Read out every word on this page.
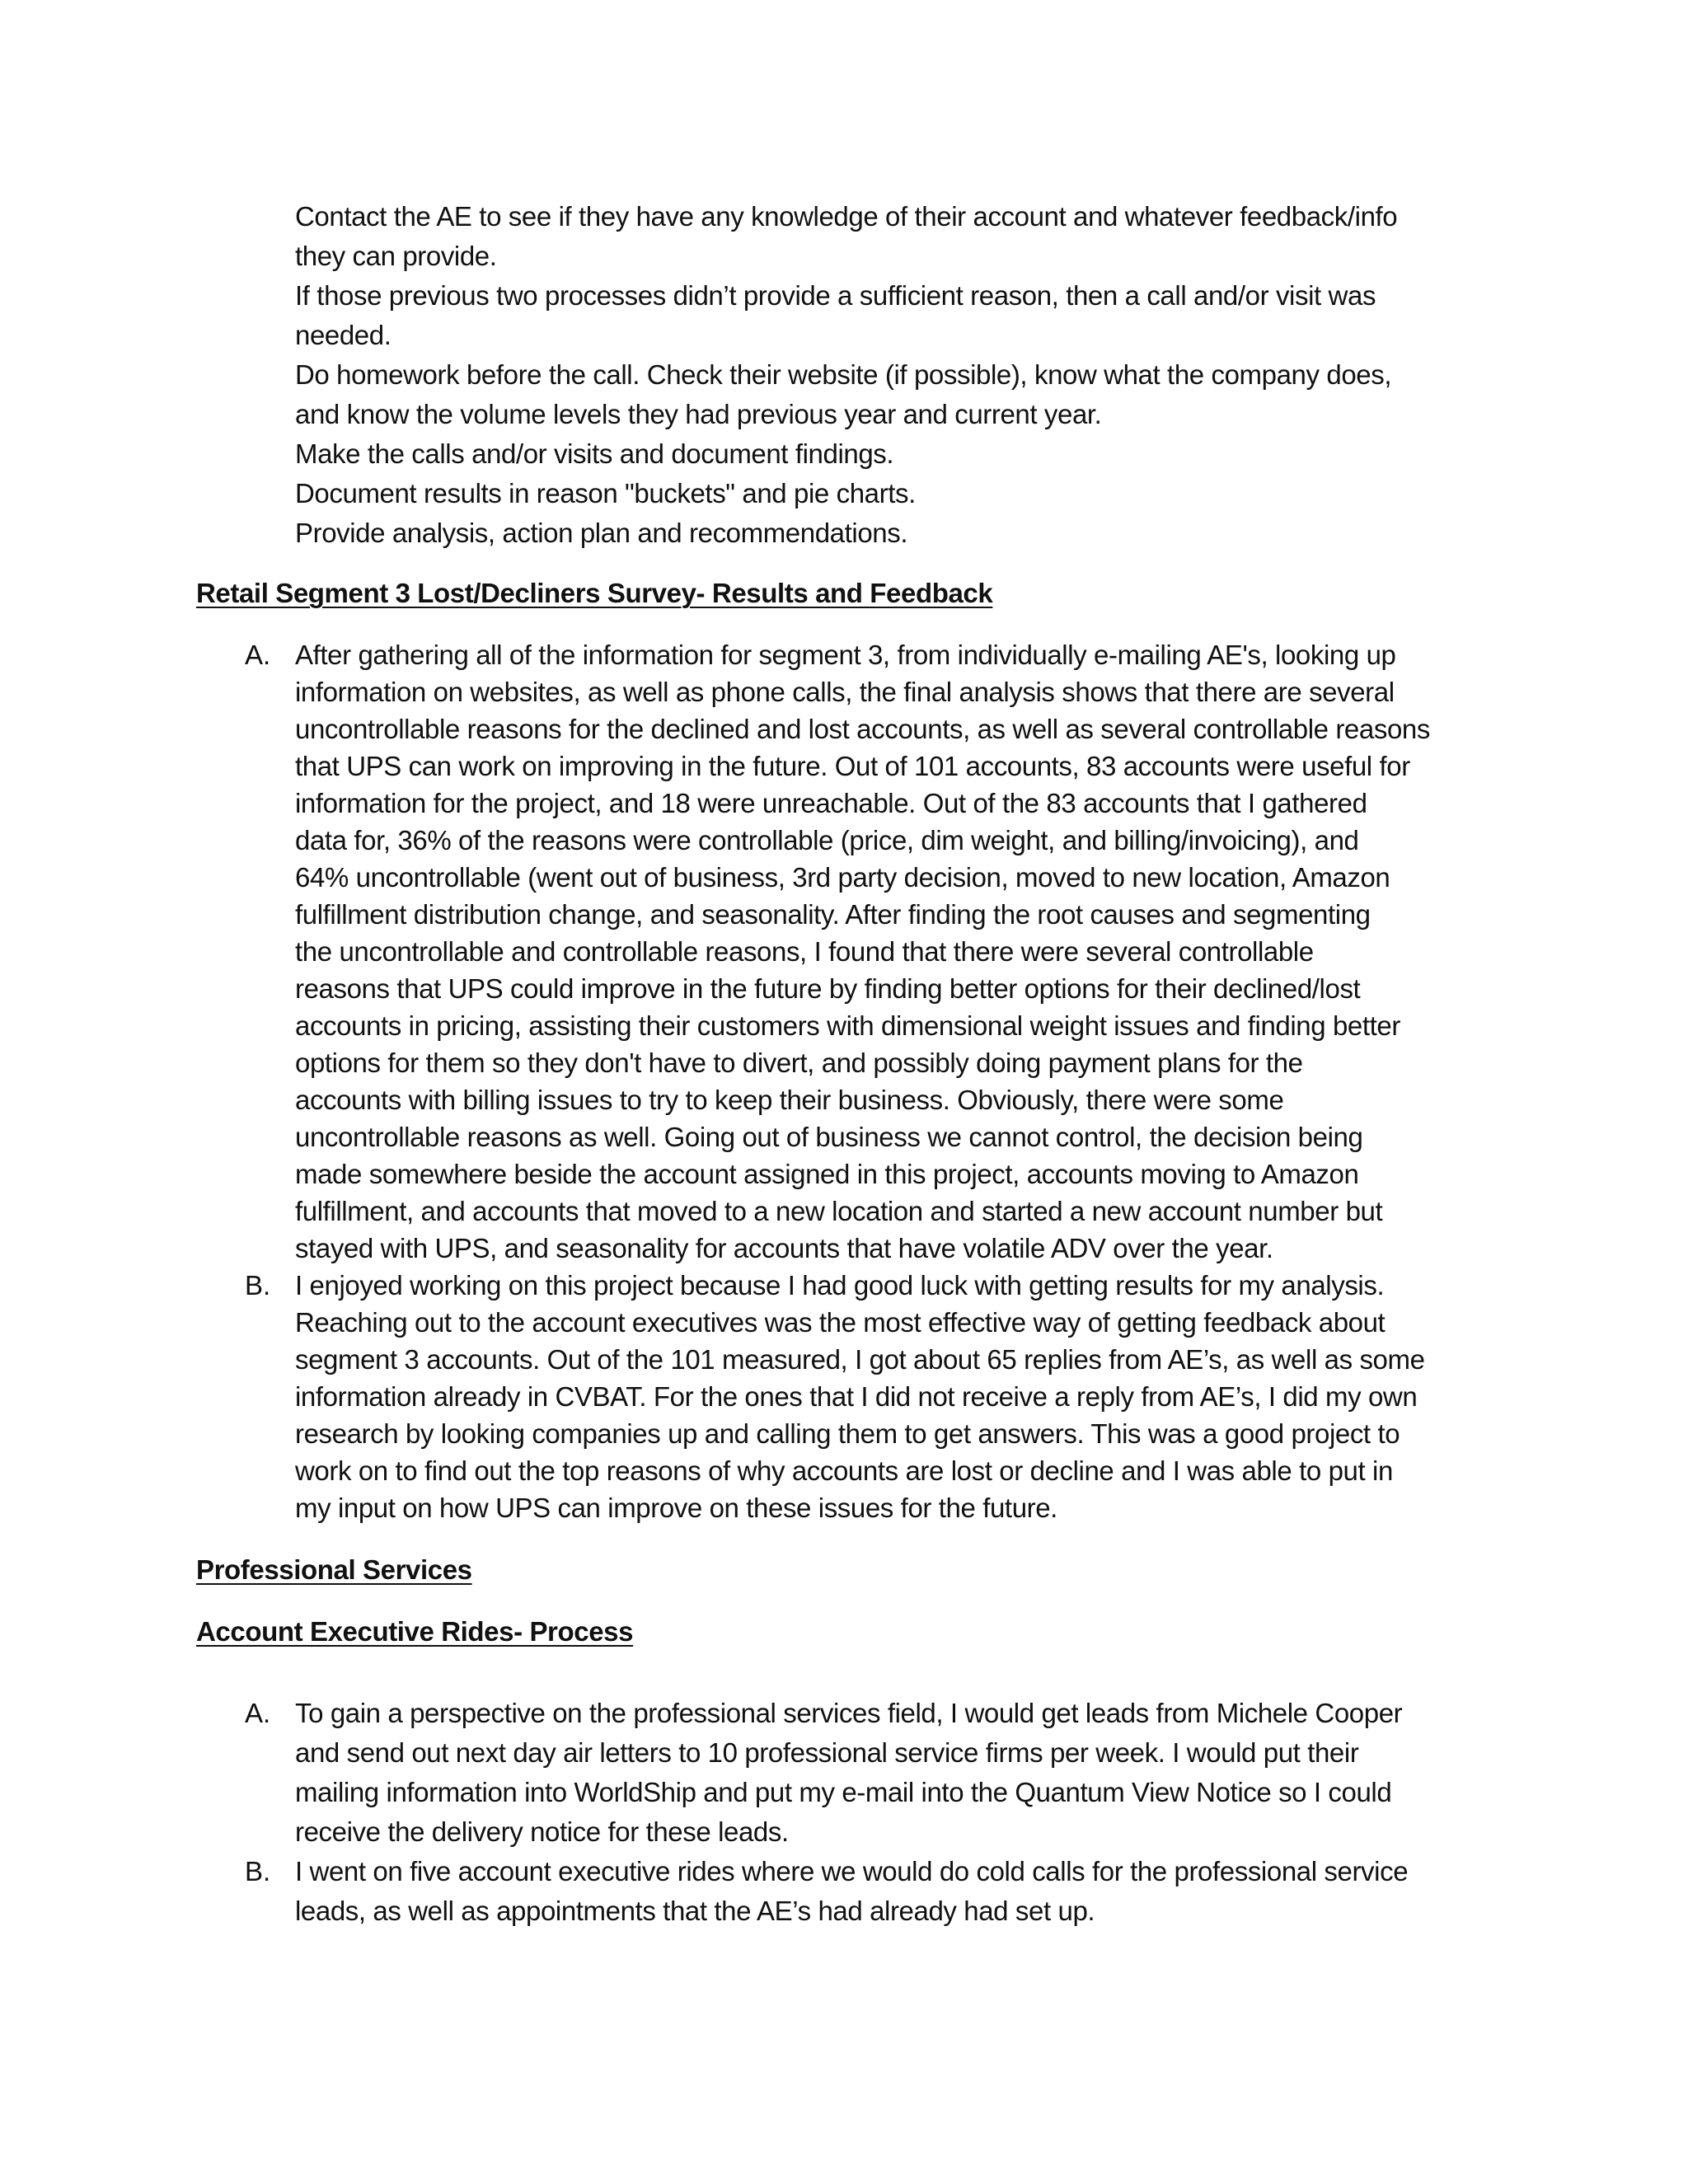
Contact the AE to see if they have any knowledge of their account and whatever feedback/info
they can provide.
If those previous two processes didn’t provide a sufficient reason, then a call and/or visit was
needed.
Do homework before the call. Check their website (if possible), know what the company does,
and know the volume levels they had previous year and current year.
Make the calls and/or visits and document findings.
Document results in reason "buckets" and pie charts.
Provide analysis, action plan and recommendations.
Retail Segment 3 Lost/Decliners Survey- Results and Feedback
A. After gathering all of the information for segment 3, from individually e-mailing AE's, looking up
information on websites, as well as phone calls, the final analysis shows that there are several
uncontrollable reasons for the declined and lost accounts, as well as several controllable reasons
that UPS can work on improving in the future. Out of 101 accounts, 83 accounts were useful for
information for the project, and 18 were unreachable. Out of the 83 accounts that I gathered
data for, 36% of the reasons were controllable (price, dim weight, and billing/invoicing), and
64% uncontrollable (went out of business, 3rd party decision, moved to new location, Amazon
fulfillment distribution change, and seasonality. After finding the root causes and segmenting
the uncontrollable and controllable reasons, I found that there were several controllable
reasons that UPS could improve in the future by finding better options for their declined/lost
accounts in pricing, assisting their customers with dimensional weight issues and finding better
options for them so they don't have to divert, and possibly doing payment plans for the
accounts with billing issues to try to keep their business. Obviously, there were some
uncontrollable reasons as well. Going out of business we cannot control, the decision being
made somewhere beside the account assigned in this project, accounts moving to Amazon
fulfillment, and accounts that moved to a new location and started a new account number but
stayed with UPS, and seasonality for accounts that have volatile ADV over the year.
B. I enjoyed working on this project because I had good luck with getting results for my analysis.
Reaching out to the account executives was the most effective way of getting feedback about
segment 3 accounts. Out of the 101 measured, I got about 65 replies from AE’s, as well as some
information already in CVBAT. For the ones that I did not receive a reply from AE’s, I did my own
research by looking companies up and calling them to get answers. This was a good project to
work on to find out the top reasons of why accounts are lost or decline and I was able to put in
my input on how UPS can improve on these issues for the future.
Professional Services
Account Executive Rides- Process
A. To gain a perspective on the professional services field, I would get leads from Michele Cooper
and send out next day air letters to 10 professional service firms per week. I would put their
mailing information into WorldShip and put my e-mail into the Quantum View Notice so I could
receive the delivery notice for these leads.
B. I went on five account executive rides where we would do cold calls for the professional service
leads, as well as appointments that the AE’s had already had set up.
